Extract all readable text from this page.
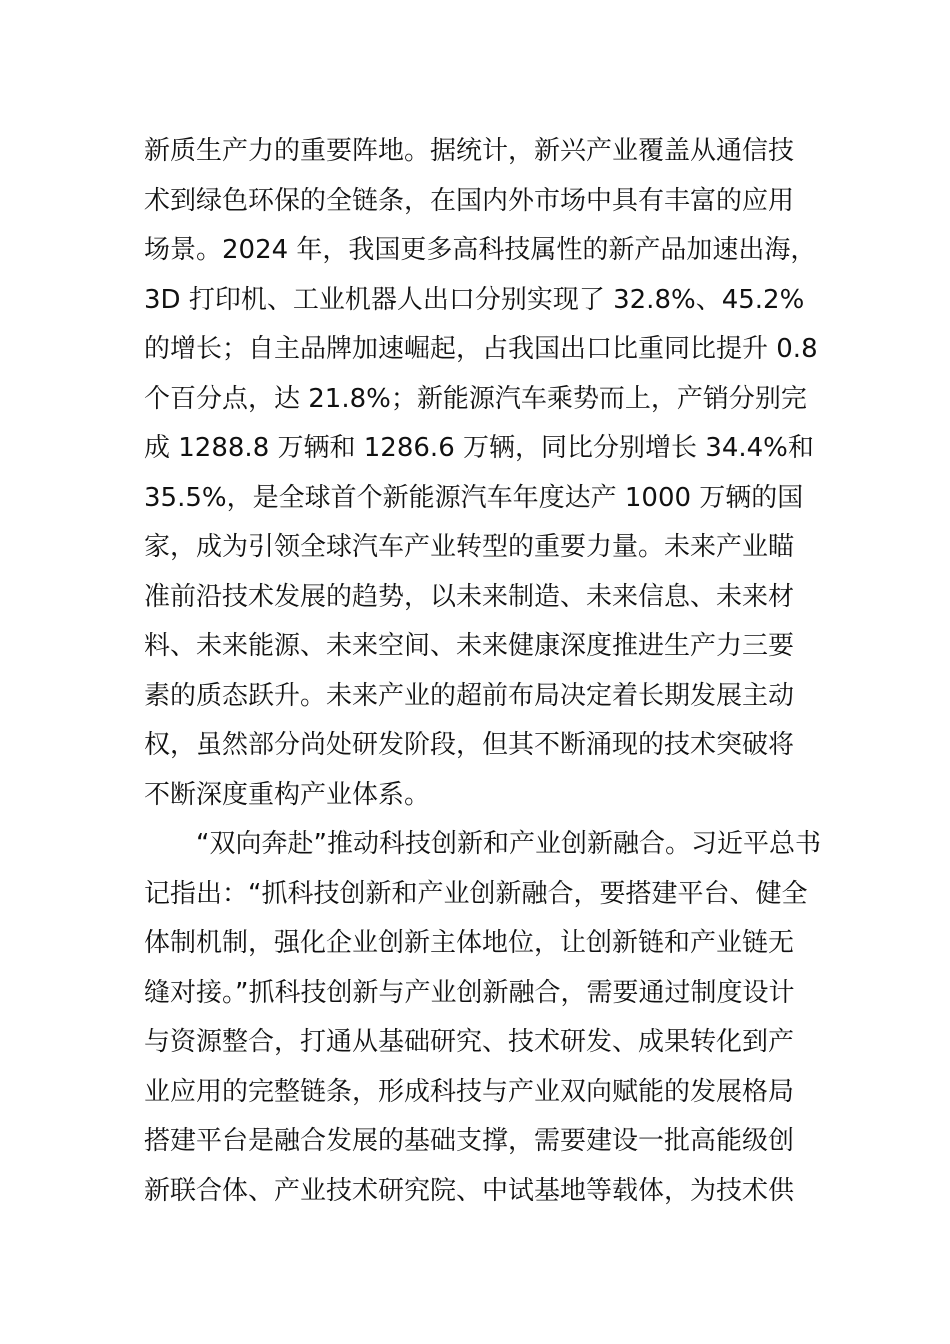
新质生产力的重要阵地。据统计，新兴产业覆盖从通信技
术到绿色环保的全链条，在国内外市场中具有丰富的应用
场景。2024 年，我国更多高科技属性的新产品加速出海，
3D 打印机、工业机器人出口分别实现了 32.8%、45.2%
的增长；自主品牌加速崛起，占我国出口比重同比提升 0.8
个百分点，达 21.8%；新能源汽车乘势而上，产销分别完
成 1288.8 万辆和 1286.6 万辆，同比分别增长 34.4%和
35.5%，是全球首个新能源汽车年度达产 1000 万辆的国
家，成为引领全球汽车产业转型的重要力量。未来产业瞄
准前沿技术发展的趋势，以未来制造、未来信息、未来材
料、未来能源、未来空间、未来健康深度推进生产力三要
素的质态跃升。未来产业的超前布局决定着长期发展主动
权，虽然部分尚处研发阶段，但其不断涌现的技术突破将
不断深度重构产业体系。
“双向奔赴”推动科技创新和产业创新融合。习近平总书
记指出：“抓科技创新和产业创新融合，要搭建平台、健全
体制机制，强化企业创新主体地位，让创新链和产业链无
缝对接。”抓科技创新与产业创新融合，需要通过制度设计
与资源整合，打通从基础研究、技术研发、成果转化到产
业应用的完整链条，形成科技与产业双向赋能的发展格局
搭建平台是融合发展的基础支撑，需要建设一批高能级创
新联合体、产业技术研究院、中试基地等载体，为技术供
